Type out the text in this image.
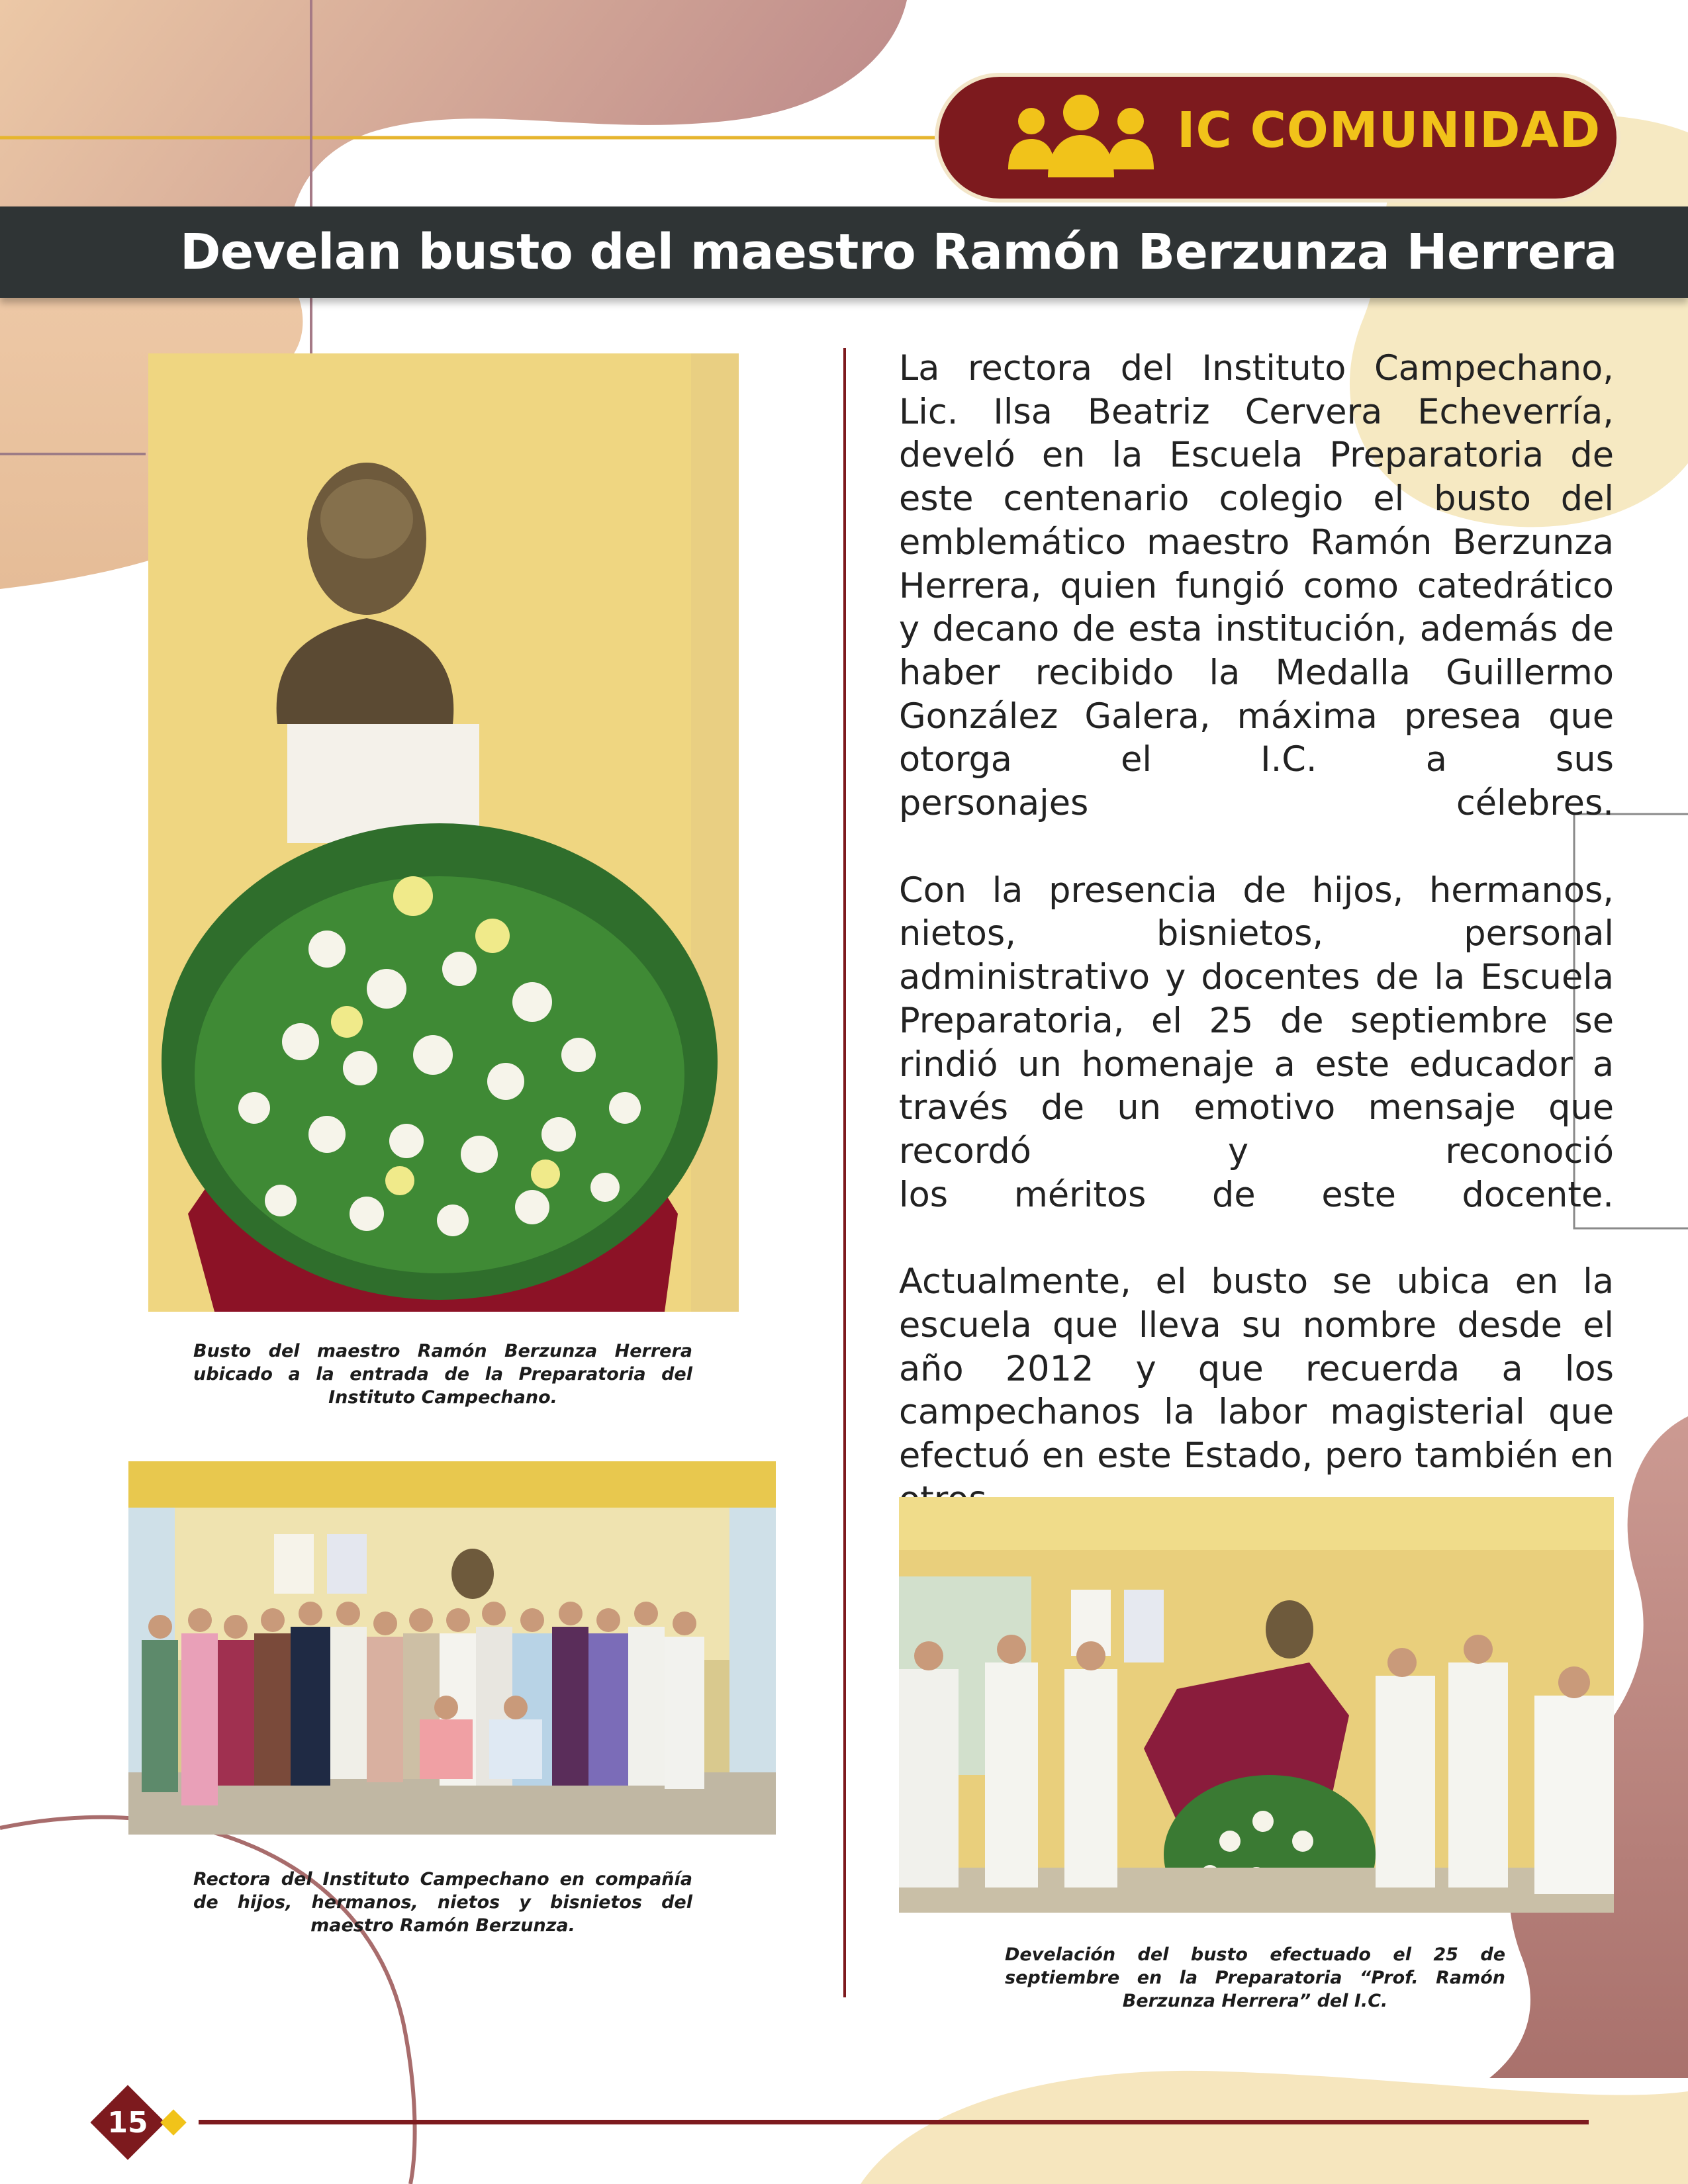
IC COMUNIDAD
Develan busto del maestro Ramón Berzunza Herrera
Busto del maestro Ramón Berzunza Herrera ubicado a la entrada de la Preparatoria del Instituto Campechano.
Rectora del Instituto Campechano en compañía de hijos, hermanos, nietos y bisnietos del maestro Ramón Berzunza.

La rectora del Instituto Campechano, Lic. Ilsa Beatriz Cervera Echeverría, develó en la Escuela Preparatoria de este centenario colegio el busto del emblemático maestro Ramón Berzunza Herrera, quien fungió como catedrático y decano de esta institución, además de haber recibido la Medalla Guillermo González Galera, máxima presea que otorga el I.C. a sus
personajes célebres.

Con la presencia de hijos, hermanos, nietos, bisnietos, personal administrativo y docentes de la Escuela Preparatoria, el 25 de septiembre se rindió un homenaje a este educador a través de un emotivo mensaje que recordó y reconoció
los méritos de este docente.

Actualmente, el busto se ubica en la escuela que lleva su nombre desde el año 2012 y que recuerda a los campechanos la labor magisterial que efectuó en este Estado, pero también en

Develación del busto efectuado el 25 de septiembre en la Preparatoria “Prof. Ramón Berzunza Herrera” del I.C.
15
